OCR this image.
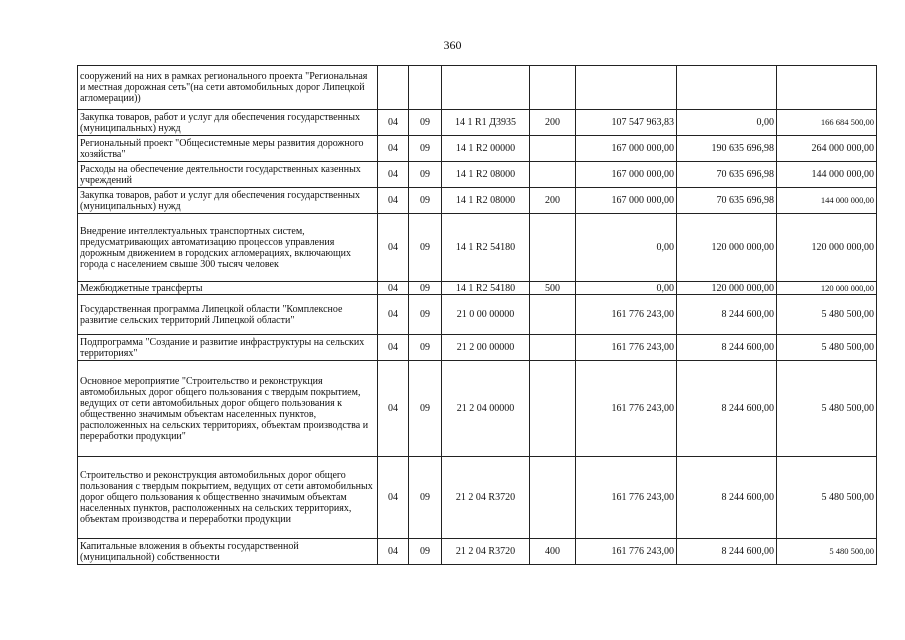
360
сооружений на них в рамках регионального проекта "Региональная и местная дорожная сеть"(на сети автомобильных дорог Липецкой агломерации))							
Закупка товаров, работ и услуг для обеспечения государственных (муниципальных) нужд	04	09	14 1 R1 Д3935	200	107 547 963,83	0,00	166 684 500,00
Региональный проект "Общесистемные меры развития дорожного хозяйства"	04	09	14 1 R2 00000		167 000 000,00	190 635 696,98	264 000 000,00
Расходы на обеспечение деятельности государственных казенных учреждений	04	09	14 1 R2 08000		167 000 000,00	70 635 696,98	144 000 000,00
Закупка товаров, работ и услуг для обеспечения государственных (муниципальных) нужд	04	09	14 1 R2 08000	200	167 000 000,00	70 635 696,98	144 000 000,00
Внедрение интеллектуальных транспортных систем, предусматривающих автоматизацию процессов управления дорожным движением в городских агломерациях, включающих города с населением свыше 300 тысяч человек	04	09	14 1 R2 54180		0,00	120 000 000,00	120 000 000,00
Межбюджетные трансферты	04	09	14 1 R2 54180	500	0,00	120 000 000,00	120 000 000,00
Государственная программа Липецкой области "Комплексное развитие сельских территорий Липецкой области"	04	09	21 0 00 00000		161 776 243,00	8 244 600,00	5 480 500,00
Подпрограмма "Создание и развитие инфраструктуры на сельских территориях"	04	09	21 2 00 00000		161 776 243,00	8 244 600,00	5 480 500,00
Основное мероприятие "Строительство и реконструкция автомобильных дорог общего пользования с твердым покрытием, ведущих от сети автомобильных дорог общего пользования к общественно значимым объектам населенных пунктов, расположенных на сельских территориях, объектам производства и переработки продукции"	04	09	21 2 04 00000		161 776 243,00	8 244 600,00	5 480 500,00
Строительство и реконструкция автомобильных дорог общего пользования с твердым покрытием, ведущих от сети автомобильных дорог общего пользования к общественно значимым объектам населенных пунктов, расположенных на сельских территориях, объектам производства и переработки продукции	04	09	21 2 04 R3720		161 776 243,00	8 244 600,00	5 480 500,00
Капитальные вложения в объекты государственной (муниципальной) собственности	04	09	21 2 04 R3720	400	161 776 243,00	8 244 600,00	5 480 500,00
